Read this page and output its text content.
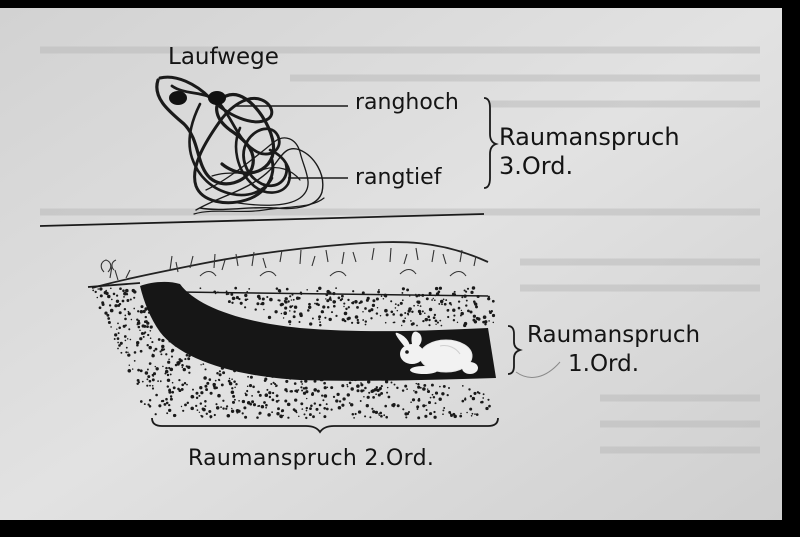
Laufwege
ranghoch
rangtief
Raumanspruch
3.Ord.
Raumanspruch
1.Ord.
Raumanspruch 2.Ord.
